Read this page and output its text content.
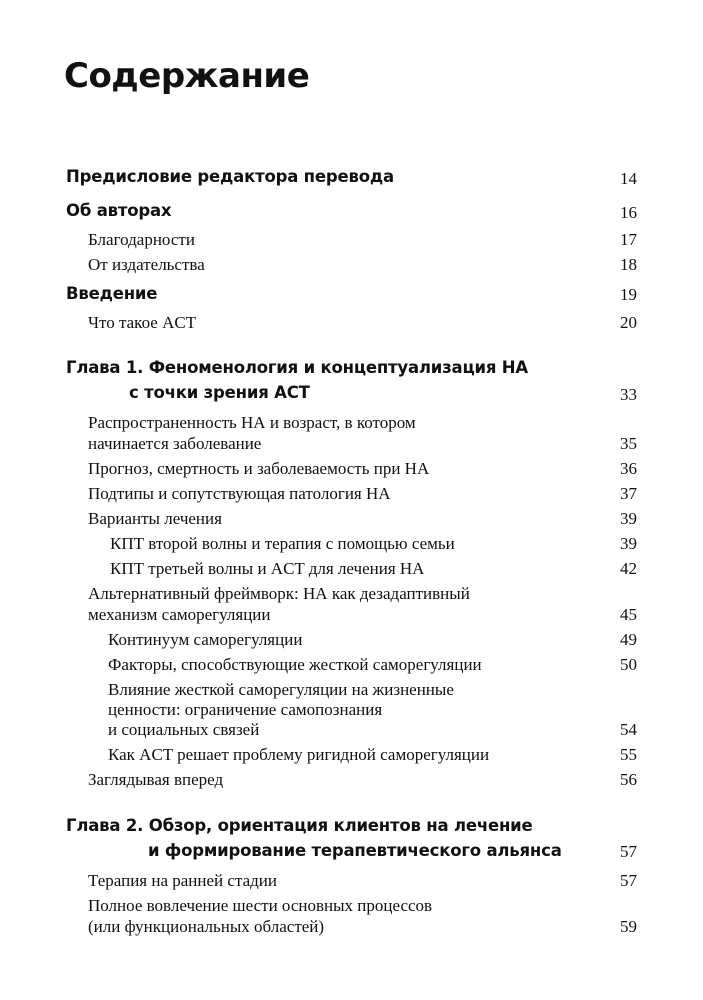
Содержание
Предисловие редактора перевода	14
Об авторах	16
Благодарности	17
От издательства	18
Введение	19
Что такое ACT	20
Глава 1. Феноменология и концептуализация НА
с точки зрения ACT	33
Распространенность НА и возраст, в котором
начинается заболевание	35
Прогноз, смертность и заболеваемость при НА	36
Подтипы и сопутствующая патология НА	37
Варианты лечения	39
КПТ второй волны и терапия с помощью семьи	39
КПТ третьей волны и ACT для лечения НА	42
Альтернативный фреймворк: НА как дезадаптивный
механизм саморегуляции	45
Континуум саморегуляции	49
Факторы, способствующие жесткой саморегуляции	50
Влияние жесткой саморегуляции на жизненные
ценности: ограничение самопознания
и социальных связей	54
Как ACT решает проблему ригидной саморегуляции	55
Заглядывая вперед	56
Глава 2. Обзор, ориентация клиентов на лечение
и формирование терапевтического альянса	57
Терапия на ранней стадии	57
Полное вовлечение шести основных процессов
(или функциональных областей)	59
